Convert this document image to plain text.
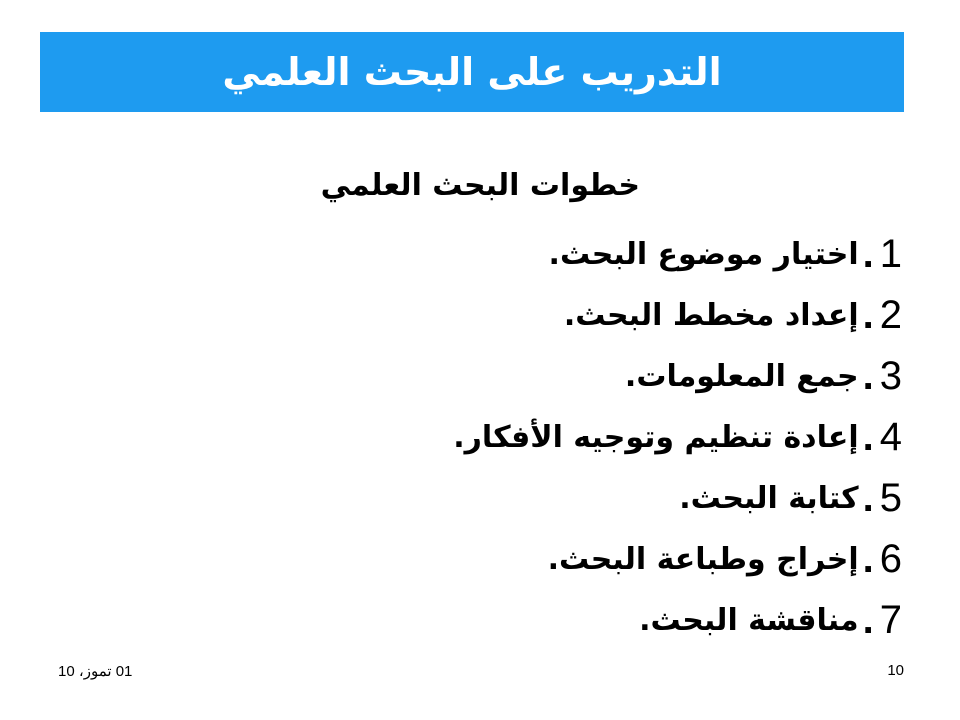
التدريب على البحث العلمي
خطوات البحث العلمي
1
.
اختيار موضوع البحث.
2
.
إعداد مخطط البحث.
3
.
جمع المعلومات.
4
.
إعادة تنظيم وتوجيه الأفكار.
5
.
كتابة البحث.
6
.
إخراج وطباعة البحث.
7
.
مناقشة البحث.
01 تموز، 10	10
